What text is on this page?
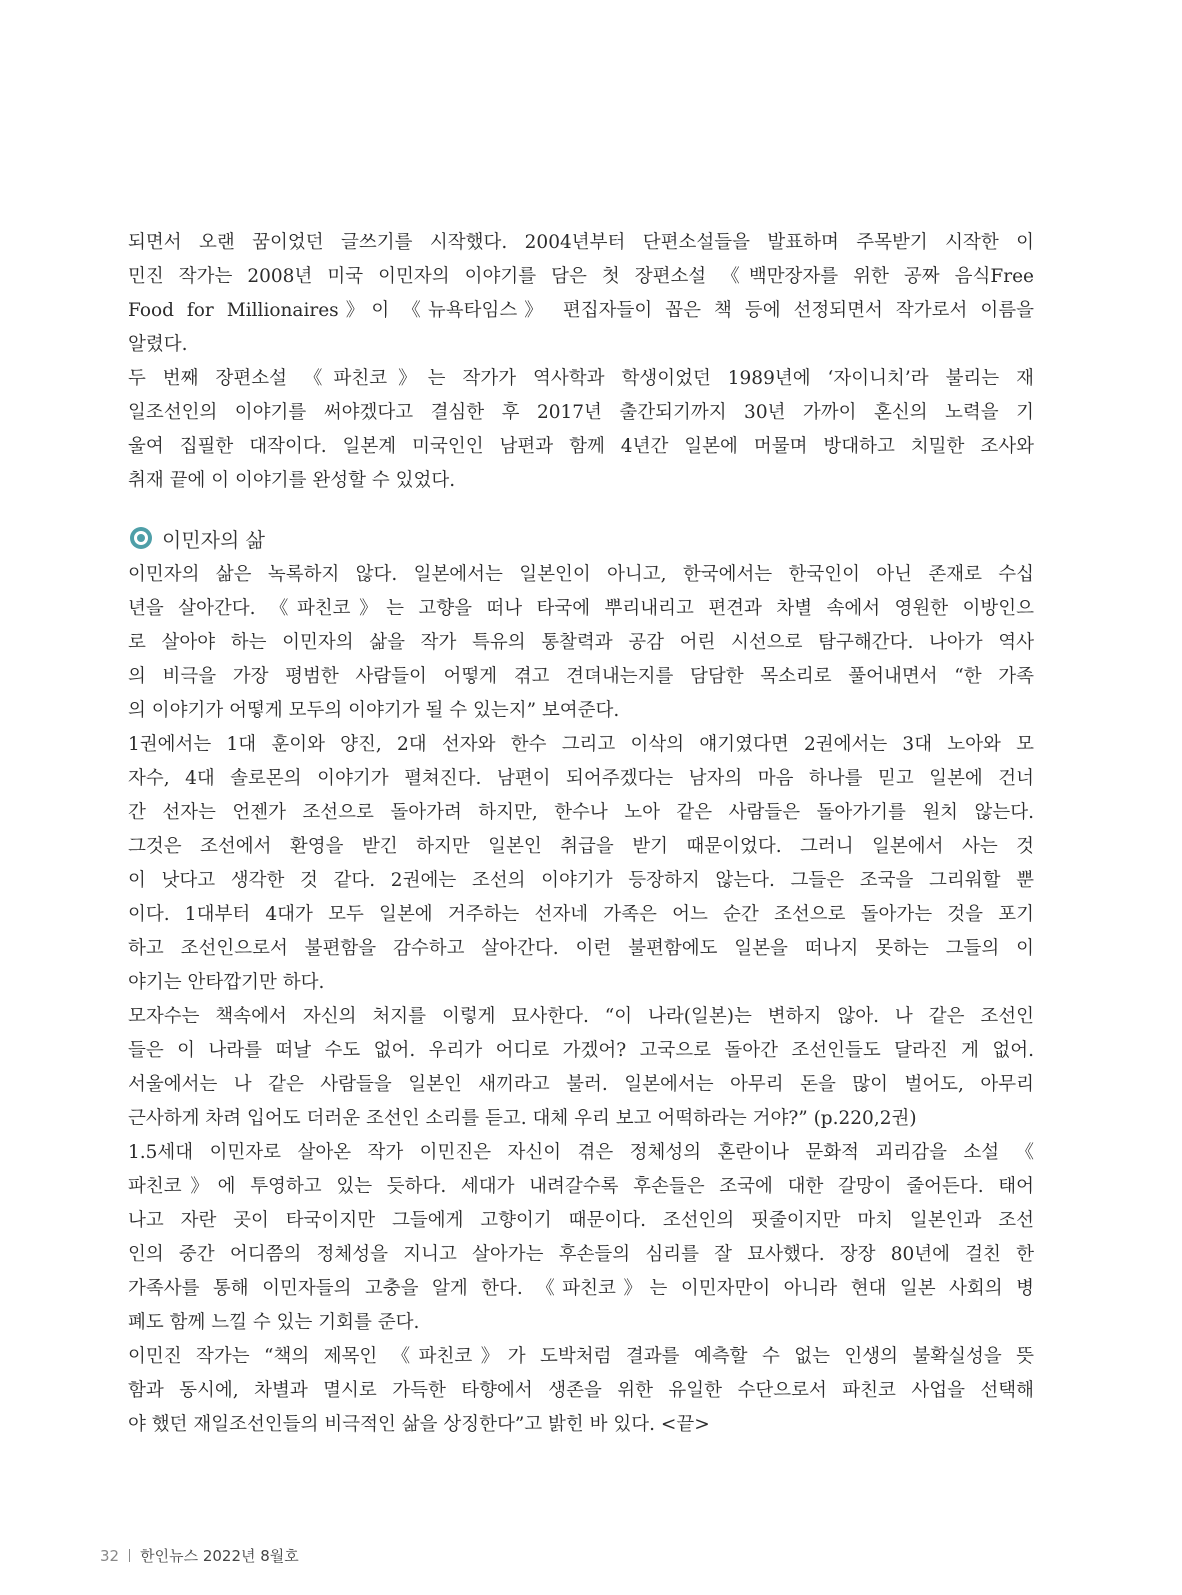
되면서 오랜 꿈이었던 글쓰기를 시작했다. 2004년부터 단편소설들을 발표하며 주목받기 시작한 이
민진 작가는 2008년 미국 이민자의 이야기를 담은 첫 장편소설 《백만장자를 위한 공짜 음식Free
Food for Millionaires》이 《뉴욕타임스》 편집자들이 꼽은 책 등에 선정되면서 작가로서 이름을
알렸다.
두 번째 장편소설 《파친코》는 작가가 역사학과 학생이었던 1989년에 ‘자이니치’라 불리는 재
일조선인의 이야기를 써야겠다고 결심한 후 2017년 출간되기까지 30년 가까이 혼신의 노력을 기
울여 집필한 대작이다. 일본계 미국인인 남편과 함께 4년간 일본에 머물며 방대하고 치밀한 조사와
취재 끝에 이 이야기를 완성할 수 있었다.
이민자의 삶
이민자의 삶은 녹록하지 않다. 일본에서는 일본인이 아니고, 한국에서는 한국인이 아닌 존재로 수십
년을 살아간다. 《파친코》는 고향을 떠나 타국에 뿌리내리고 편견과 차별 속에서 영원한 이방인으
로 살아야 하는 이민자의 삶을 작가 특유의 통찰력과 공감 어린 시선으로 탐구해간다. 나아가 역사
의 비극을 가장 평범한 사람들이 어떻게 겪고 견뎌내는지를 담담한 목소리로 풀어내면서 “한 가족
의 이야기가 어떻게 모두의 이야기가 될 수 있는지” 보여준다.
1권에서는 1대 훈이와 양진, 2대 선자와 한수 그리고 이삭의 얘기였다면 2권에서는 3대 노아와 모
자수, 4대 솔로몬의 이야기가 펼쳐진다. 남편이 되어주겠다는 남자의 마음 하나를 믿고 일본에 건너
간 선자는 언젠가 조선으로 돌아가려 하지만, 한수나 노아 같은 사람들은 돌아가기를 원치 않는다.
그것은 조선에서 환영을 받긴 하지만 일본인 취급을 받기 때문이었다. 그러니 일본에서 사는 것
이 낫다고 생각한 것 같다. 2권에는 조선의 이야기가 등장하지 않는다. 그들은 조국을 그리워할 뿐
이다. 1대부터 4대가 모두 일본에 거주하는 선자네 가족은 어느 순간 조선으로 돌아가는 것을 포기
하고 조선인으로서 불편함을 감수하고 살아간다. 이런 불편함에도 일본을 떠나지 못하는 그들의 이
야기는 안타깝기만 하다.
모자수는 책속에서 자신의 처지를 이렇게 묘사한다. “이 나라(일본)는 변하지 않아. 나 같은 조선인
들은 이 나라를 떠날 수도 없어. 우리가 어디로 가겠어? 고국으로 돌아간 조선인들도 달라진 게 없어.
서울에서는 나 같은 사람들을 일본인 새끼라고 불러. 일본에서는 아무리 돈을 많이 벌어도, 아무리
근사하게 차려 입어도 더러운 조선인 소리를 듣고. 대체 우리 보고 어떡하라는 거야?” (p.220,2권)
1.5세대 이민자로 살아온 작가 이민진은 자신이 겪은 정체성의 혼란이나 문화적 괴리감을 소설 《
파친코》에 투영하고 있는 듯하다. 세대가 내려갈수록 후손들은 조국에 대한 갈망이 줄어든다. 태어
나고 자란 곳이 타국이지만 그들에게 고향이기 때문이다. 조선인의 핏줄이지만 마치 일본인과 조선
인의 중간 어디쯤의 정체성을 지니고 살아가는 후손들의 심리를 잘 묘사했다. 장장 80년에 걸친 한
가족사를 통해 이민자들의 고충을 알게 한다. 《파친코》는 이민자만이 아니라 현대 일본 사회의 병
폐도 함께 느낄 수 있는 기회를 준다.
이민진 작가는 “책의 제목인 《파친코》가 도박처럼 결과를 예측할 수 없는 인생의 불확실성을 뜻
함과 동시에, 차별과 멸시로 가득한 타향에서 생존을 위한 유일한 수단으로서 파친코 사업을 선택해
야 했던 재일조선인들의 비극적인 삶을 상징한다”고 밝힌 바 있다. <끝>
32 한인뉴스 2022년 8월호
